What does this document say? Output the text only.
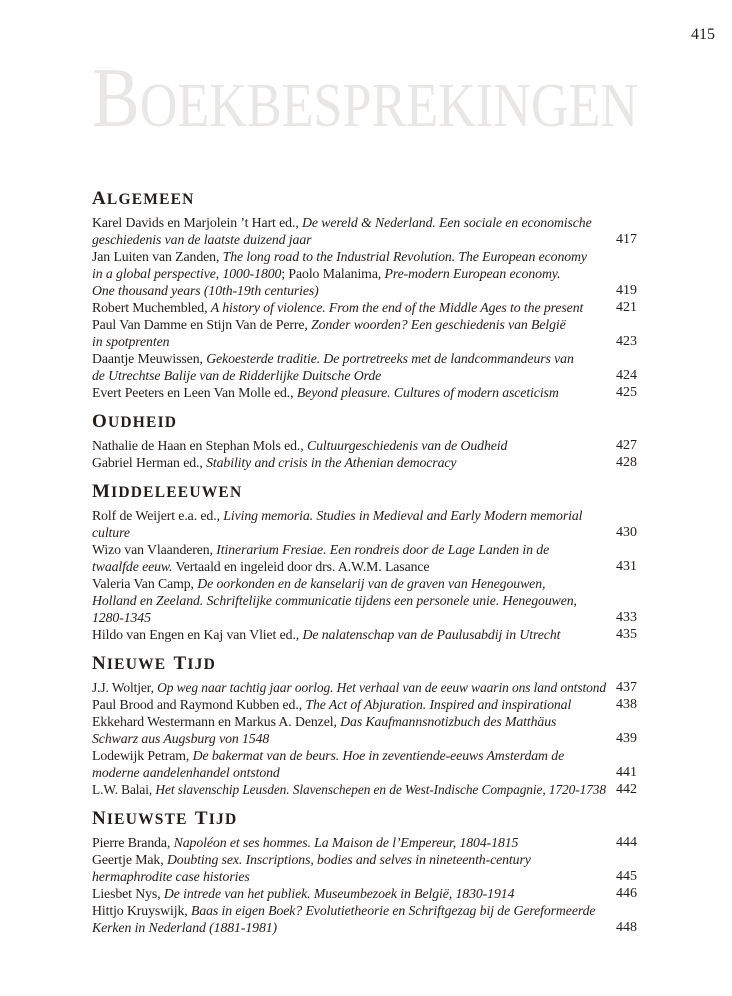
415
BOEKBESPREKINGEN
ALGEMEEN
Karel Davids en Marjolein ’t Hart ed., De wereld & Nederland. Een sociale en economische
geschiedenis van de laatste duizend jaar	417
Jan Luiten van Zanden, The long road to the Industrial Revolution. The European economy
in a global perspective, 1000-1800; Paolo Malanima, Pre-modern European economy.
One thousand years (10th-19th centuries)	419
Robert Muchembled, A history of violence. From the end of the Middle Ages to the present	421
Paul Van Damme en Stijn Van de Perre, Zonder woorden? Een geschiedenis van België
in spotprenten	423
Daantje Meuwissen, Gekoesterde traditie. De portretreeks met de landcommandeurs van
de Utrechtse Balije van de Ridderlijke Duitsche Orde	424
Evert Peeters en Leen Van Molle ed., Beyond pleasure. Cultures of modern asceticism	425
OUDHEID
Nathalie de Haan en Stephan Mols ed., Cultuurgeschiedenis van de Oudheid	427
Gabriel Herman ed., Stability and crisis in the Athenian democracy	428
MIDDELEEUWEN
Rolf de Weijert e.a. ed., Living memoria. Studies in Medieval and Early Modern memorial
culture	430
Wizo van Vlaanderen, Itinerarium Fresiae. Een rondreis door de Lage Landen in de
twaalfde eeuw. Vertaald en ingeleid door drs. A.W.M. Lasance	431
Valeria Van Camp, De oorkonden en de kanselarij van de graven van Henegouwen,
Holland en Zeeland. Schriftelijke communicatie tijdens een personele unie. Henegouwen,
1280-1345	433
Hildo van Engen en Kaj van Vliet ed., De nalatenschap van de Paulusabdij in Utrecht	435
NIEUWE TIJD
J.J. Woltjer, Op weg naar tachtig jaar oorlog. Het verhaal van de eeuw waarin ons land ontstond 437
Paul Brood and Raymond Kubben ed., The Act of Abjuration. Inspired and inspirational	438
Ekkehard Westermann en Markus A. Denzel, Das Kaufmannsnotizbuch des Matthäus
Schwarz aus Augsburg von 1548	439
Lodewijk Petram, De bakermat van de beurs. Hoe in zeventiende-eeuws Amsterdam de
moderne aandelenhandel ontstond	441
L.W. Balai, Het slavenschip Leusden. Slavenschepen en de West-Indische Compagnie, 1720-1738 442
NIEUWSTE TIJD
Pierre Branda, Napoléon et ses hommes. La Maison de l’Empereur, 1804-1815	444
Geertje Mak, Doubting sex. Inscriptions, bodies and selves in nineteenth-century
hermaphrodite case histories	445
Liesbet Nys, De intrede van het publiek. Museumbezoek in België, 1830-1914	446
Hittjo Kruyswijk, Baas in eigen Boek? Evolutietheorie en Schriftgezag bij de Gereformeerde
Kerken in Nederland (1881-1981)	448
